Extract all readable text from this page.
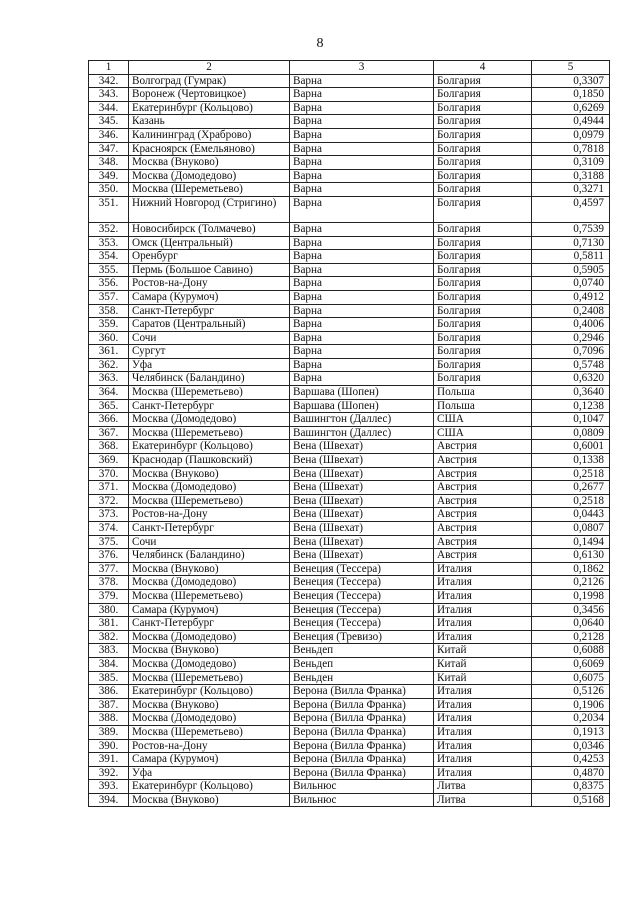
8
1	2	3	4	5
342.	Волгоград (Гумрак)	Варна	Болгария	0,3307
343.	Воронеж (Чертовицкое)	Варна	Болгария	0,1850
344.	Екатеринбург (Кольцово)	Варна	Болгария	0,6269
345.	Казань	Варна	Болгария	0,4944
346.	Калининград (Храброво)	Варна	Болгария	0,0979
347.	Красноярск (Емельяново)	Варна	Болгария	0,7818
348.	Москва (Внуково)	Варна	Болгария	0,3109
349.	Москва (Домодедово)	Варна	Болгария	0,3188
350.	Москва (Шереметьево)	Варна	Болгария	0,3271
351.	Нижний Новгород (Стригино)	Варна	Болгария	0,4597
352.	Новосибирск (Толмачево)	Варна	Болгария	0,7539
353.	Омск (Центральный)	Варна	Болгария	0,7130
354.	Оренбург	Варна	Болгария	0,5811
355.	Пермь (Большое Савино)	Варна	Болгария	0,5905
356.	Ростов-на-Дону	Варна	Болгария	0,0740
357.	Самара (Курумоч)	Варна	Болгария	0,4912
358.	Санкт-Петербург	Варна	Болгария	0,2408
359.	Саратов (Центральный)	Варна	Болгария	0,4006
360.	Сочи	Варна	Болгария	0,2946
361.	Сургут	Варна	Болгария	0,7096
362.	Уфа	Варна	Болгария	0,5748
363.	Челябинск (Баландино)	Варна	Болгария	0,6320
364.	Москва (Шереметьево)	Варшава (Шопен)	Польша	0,3640
365.	Санкт-Петербург	Варшава (Шопен)	Польша	0,1238
366.	Москва (Домодедово)	Вашингтон (Даллес)	США	0,1047
367.	Москва (Шереметьево)	Вашингтон (Даллес)	США	0,0809
368.	Екатеринбург (Кольцово)	Вена (Швехат)	Австрия	0,6001
369.	Краснодар (Пашковский)	Вена (Швехат)	Австрия	0,1338
370.	Москва (Внуково)	Вена (Швехат)	Австрия	0,2518
371.	Москва (Домодедово)	Вена (Швехат)	Австрия	0,2677
372.	Москва (Шереметьево)	Вена (Швехат)	Австрия	0,2518
373.	Ростов-на-Дону	Вена (Швехат)	Австрия	0,0443
374.	Санкт-Петербург	Вена (Швехат)	Австрия	0,0807
375.	Сочи	Вена (Швехат)	Австрия	0,1494
376.	Челябинск (Баландино)	Вена (Швехат)	Австрия	0,6130
377.	Москва (Внуково)	Венеция (Тессера)	Италия	0,1862
378.	Москва (Домодедово)	Венеция (Тессера)	Италия	0,2126
379.	Москва (Шереметьево)	Венеция (Тессера)	Италия	0,1998
380.	Самара (Курумоч)	Венеция (Тессера)	Италия	0,3456
381.	Санкт-Петербург	Венеция (Тессера)	Италия	0,0640
382.	Москва (Домодедово)	Венеция (Тревизо)	Италия	0,2128
383.	Москва (Внуково)	Веньдеп	Китай	0,6088
384.	Москва (Домодедово)	Веньдеп	Китай	0,6069
385.	Москва (Шереметьево)	Веньден	Китай	0,6075
386.	Екатеринбург (Кольцово)	Верона (Вилла Франка)	Италия	0,5126
387.	Москва (Внуково)	Верона (Вилла Франка)	Италия	0,1906
388.	Москва (Домодедово)	Верона (Вилла Франка)	Италия	0,2034
389.	Москва (Шереметьево)	Верона (Вилла Франка)	Италия	0,1913
390.	Ростов-на-Дону	Верона (Вилла Франка)	Италия	0,0346
391.	Самара (Курумоч)	Верона (Вилла Франка)	Италия	0,4253
392.	Уфа	Верона (Вилла Франка)	Италия	0,4870
393.	Екатеринбург (Кольцово)	Вильнюс	Литва	0,8375
394.	Москва (Внуково)	Вильнюс	Литва	0,5168
